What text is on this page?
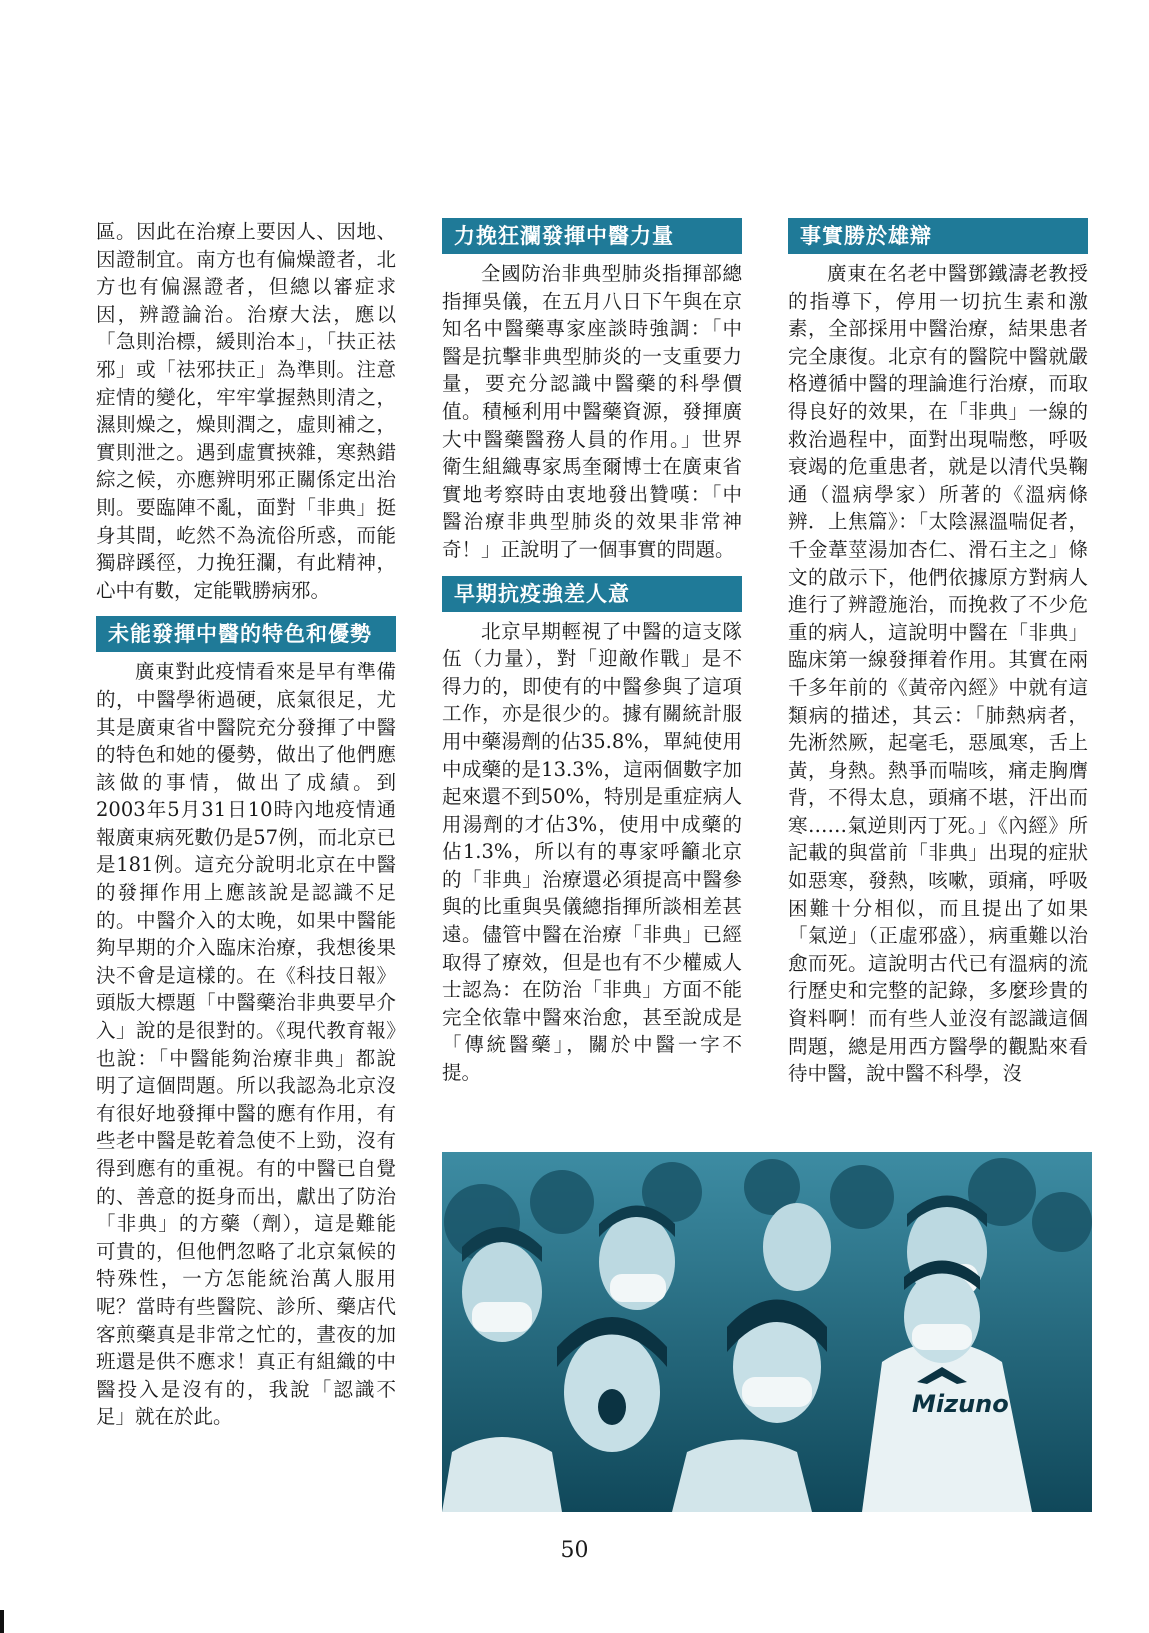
區。因此在治療上要因人、因地、因證制宜。南方也有偏燥證者，北方也有偏濕證者，但總以審症求因，辨證論治。治療大法，應以「急則治標，緩則治本」，「扶正祛邪」或「祛邪扶正」為準則。注意症情的變化，牢牢掌握熱則清之，濕則燥之，燥則潤之，虛則補之，實則泄之。遇到虛實挾雜，寒熱錯綜之候，亦應辨明邪正關係定出治則。要臨陣不亂，面對「非典」挺身其間，屹然不為流俗所惑，而能獨辟蹊徑，力挽狂瀾，有此精神，心中有數，定能戰勝病邪。

未能發揮中醫的特色和優勢

廣東對此疫情看來是早有準備的，中醫學術過硬，底氣很足，尤其是廣東省中醫院充分發揮了中醫的特色和她的優勢，做出了他們應該做的事情，做出了成績。到2003年5月31日10時內地疫情通報廣東病死數仍是57例，而北京已是181例。這充分說明北京在中醫的發揮作用上應該說是認識不足的。中醫介入的太晚，如果中醫能夠早期的介入臨床治療，我想後果決不會是這樣的。在《科技日報》頭版大標題「中醫藥治非典要早介入」說的是很對的。《現代教育報》也說：「中醫能夠治療非典」都說明了這個問題。所以我認為北京沒有很好地發揮中醫的應有作用，有些老中醫是乾着急使不上勁，沒有得到應有的重視。有的中醫已自覺的、善意的挺身而出，獻出了防治「非典」的方藥（劑），這是難能可貴的，但他們忽略了北京氣候的特殊性，一方怎能統治萬人服用呢？當時有些醫院、診所、藥店代客煎藥真是非常之忙的，晝夜的加班還是供不應求！真正有組織的中醫投入是沒有的，我說「認識不足」就在於此。

力挽狂瀾發揮中醫力量

全國防治非典型肺炎指揮部總指揮吳儀，在五月八日下午與在京知名中醫藥專家座談時強調：「中醫是抗擊非典型肺炎的一支重要力量，要充分認識中醫藥的科學價值。積極利用中醫藥資源，發揮廣大中醫藥醫務人員的作用。」世界衛生組織專家馬奎爾博士在廣東省實地考察時由衷地發出贊嘆：「中醫治療非典型肺炎的效果非常神奇！」正說明了一個事實的問題。

早期抗疫強差人意

北京早期輕視了中醫的這支隊伍（力量），對「迎敵作戰」是不得力的，即使有的中醫參與了這項工作，亦是很少的。據有關統計服用中藥湯劑的佔35.8%，單純使用中成藥的是13.3%，這兩個數字加起來還不到50%，特別是重症病人用湯劑的才佔3%，使用中成藥的佔1.3%，所以有的專家呼籲北京的「非典」治療還必須提高中醫參與的比重與吳儀總指揮所談相差甚遠。儘管中醫在治療「非典」已經取得了療效，但是也有不少權威人士認為：在防治「非典」方面不能完全依靠中醫來治愈，甚至說成是「傳統醫藥」，關於中醫一字不提。

事實勝於雄辯

廣東在名老中醫鄧鐵濤老教授的指導下，停用一切抗生素和激素，全部採用中醫治療，結果患者完全康復。北京有的醫院中醫就嚴格遵循中醫的理論進行治療，而取得良好的效果，在「非典」一線的救治過程中，面對出現喘憋，呼吸衰竭的危重患者，就是以清代吳鞠通（溫病學家）所著的《溫病條辨．上焦篇》：「太陰濕溫喘促者，千金葦莖湯加杏仁、滑石主之」條文的啟示下，他們依據原方對病人進行了辨證施治，而挽救了不少危重的病人，這說明中醫在「非典」臨床第一線發揮着作用。其實在兩千多年前的《黃帝內經》中就有這類病的描述，其云：「肺熱病者，先淅然厥，起毫毛，惡風寒，舌上黃，身熱。熱爭而喘咳，痛走胸膺背，不得太息，頭痛不堪，汗出而寒……氣逆則丙丁死。」《內經》所記載的與當前「非典」出現的症狀如惡寒，發熱，咳嗽，頭痛，呼吸困難十分相似，而且提出了如果「氣逆」（正虛邪盛），病重難以治愈而死。這說明古代已有溫病的流行歷史和完整的記錄，多麼珍貴的資料啊！而有些人並沒有認識這個問題，總是用西方醫學的觀點來看待中醫，說中醫不科學，沒

Mizuno
50
